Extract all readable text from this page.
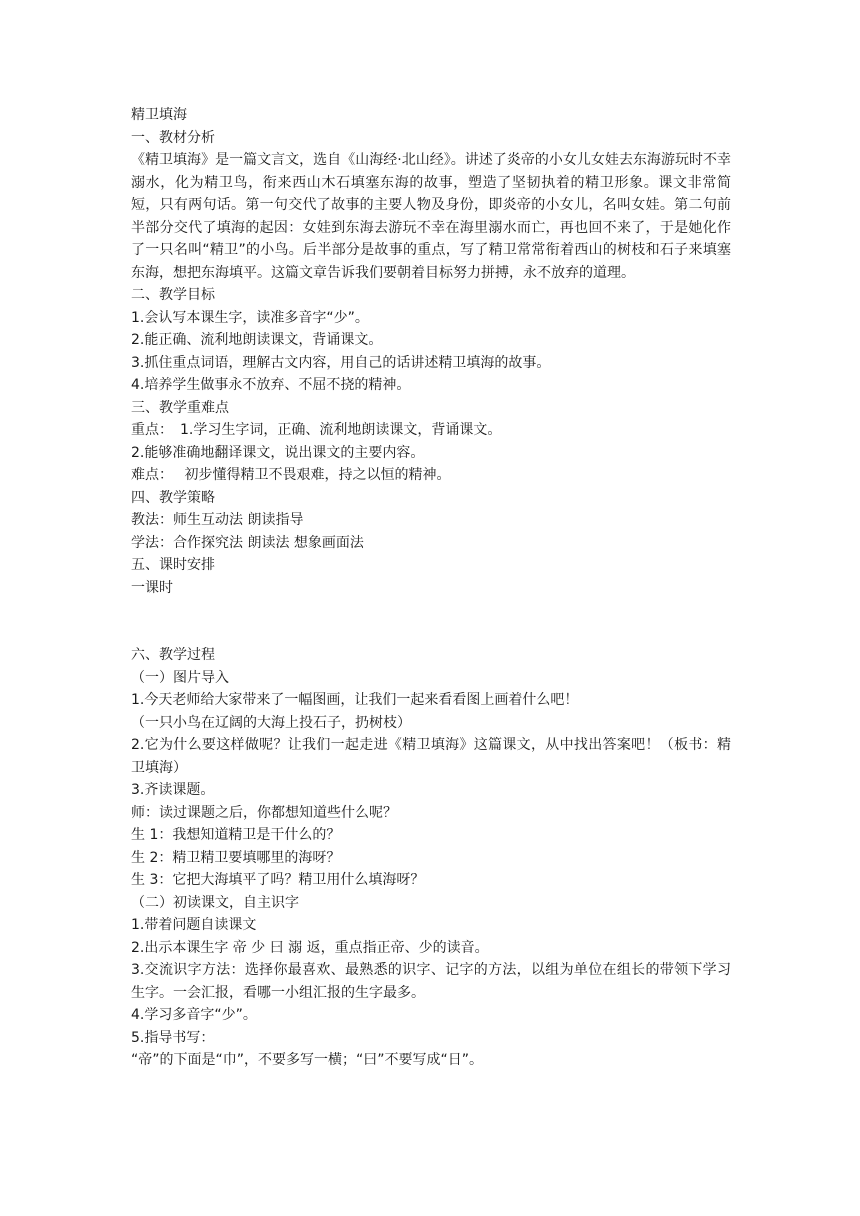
精卫填海
一、教材分析
《精卫填海》是一篇文言文，选自《山海经·北山经》。讲述了炎帝的小女儿女娃去东海游玩时不幸溺水，化为精卫鸟，衔来西山木石填塞东海的故事，塑造了坚韧执着的精卫形象。课文非常简短，只有两句话。第一句交代了故事的主要人物及身份，即炎帝的小女儿，名叫女娃。第二句前半部分交代了填海的起因：女娃到东海去游玩不幸在海里溺水而亡，再也回不来了，于是她化作了一只名叫“精卫”的小鸟。后半部分是故事的重点，写了精卫常常衔着西山的树枝和石子来填塞东海，想把东海填平。这篇文章告诉我们要朝着目标努力拼搏，永不放弃的道理。
二、教学目标
1.会认写本课生字，读准多音字“少”。
2.能正确、流利地朗读课文，背诵课文。
3.抓住重点词语，理解古文内容，用自己的话讲述精卫填海的故事。
4.培养学生做事永不放弃、不屈不挠的精神。
三、教学重难点
重点：　1.学习生字词，正确、流利地朗读课文，背诵课文。
2.能够准确地翻译课文，说出课文的主要内容。
难点：　 初步懂得精卫不畏艰难，持之以恒的精神。
四、教学策略
教法：师生互动法 朗读指导
学法：合作探究法 朗读法 想象画面法
五、课时安排
一课时
六、教学过程
（一）图片导入
1.今天老师给大家带来了一幅图画，让我们一起来看看图上画着什么吧！
（一只小鸟在辽阔的大海上投石子，扔树枝）
2.它为什么要这样做呢？让我们一起走进《精卫填海》这篇课文，从中找出答案吧！（板书：精卫填海）
3.齐读课题。
师：读过课题之后，你都想知道些什么呢？
生 1：我想知道精卫是干什么的？
生 2：精卫精卫要填哪里的海呀？
生 3：它把大海填平了吗？精卫用什么填海呀？
（二）初读课文，自主识字
1.带着问题自读课文
2.出示本课生字 帝 少 曰 溺 返，重点指正帝、少的读音。
3.交流识字方法：选择你最喜欢、最熟悉的识字、记字的方法，以组为单位在组长的带领下学习生字。一会汇报，看哪一小组汇报的生字最多。
4.学习多音字“少”。
5.指导书写：
“帝”的下面是“巾”，不要多写一横；“曰”不要写成“日”。
